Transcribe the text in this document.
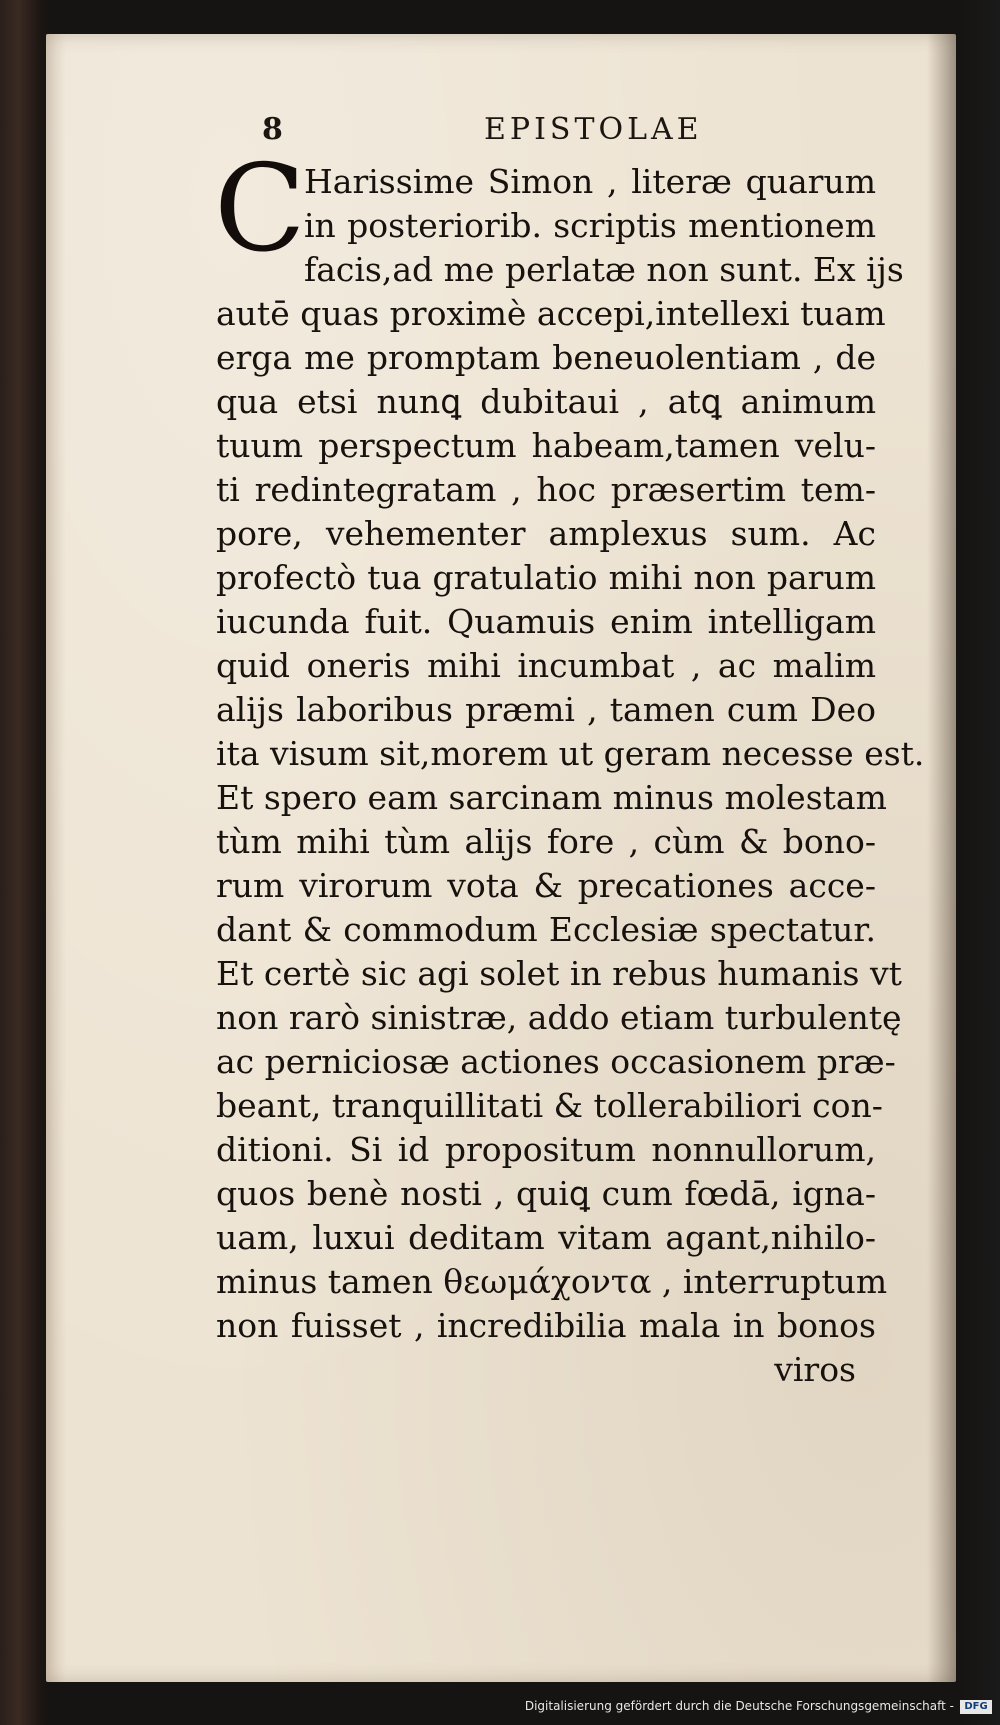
8	EPISTOLAE
C
Harissime Simon , literæ quarum
in posteriorib. scriptis mentionem
facis,ad me perlatæ non sunt. Ex ijs
autē quas proximè accepi,intellexi tuam
erga me promptam beneuolentiam , de
qua etsi nunꝗ dubitaui , atꝗ animum
tuum perspectum habeam,tamen velu-
ti redintegratam , hoc præsertim tem-
pore, vehementer amplexus sum. Ac
profectò tua gratulatio mihi non parum
iucunda fuit. Quamuis enim intelligam
quid oneris mihi incumbat , ac malim
alijs laboribus præmi , tamen cum Deo
ita visum sit,morem ut geram necesse est.
Et spero eam sarcinam minus molestam
tùm mihi tùm alijs fore , cùm & bono-
rum virorum vota & precationes acce-
dant & commodum Ecclesiæ spectatur.
Et certè sic agi solet in rebus humanis vt
non rarò sinistræ, addo etiam turbulentę
ac perniciosæ actiones occasionem præ-
beant, tranquillitati & tollerabiliori con-
ditioni. Si id propositum nonnullorum,
quos benè nosti , quiꝗ cum fœdā, igna-
uam, luxui deditam vitam agant,nihilo-
minus tamen θεωμάχοντα , interruptum
non fuisset , incredibilia mala in bonos
viros
Digitalisierung gefördert durch die Deutsche Forschungsgemeinschaft - DFG
